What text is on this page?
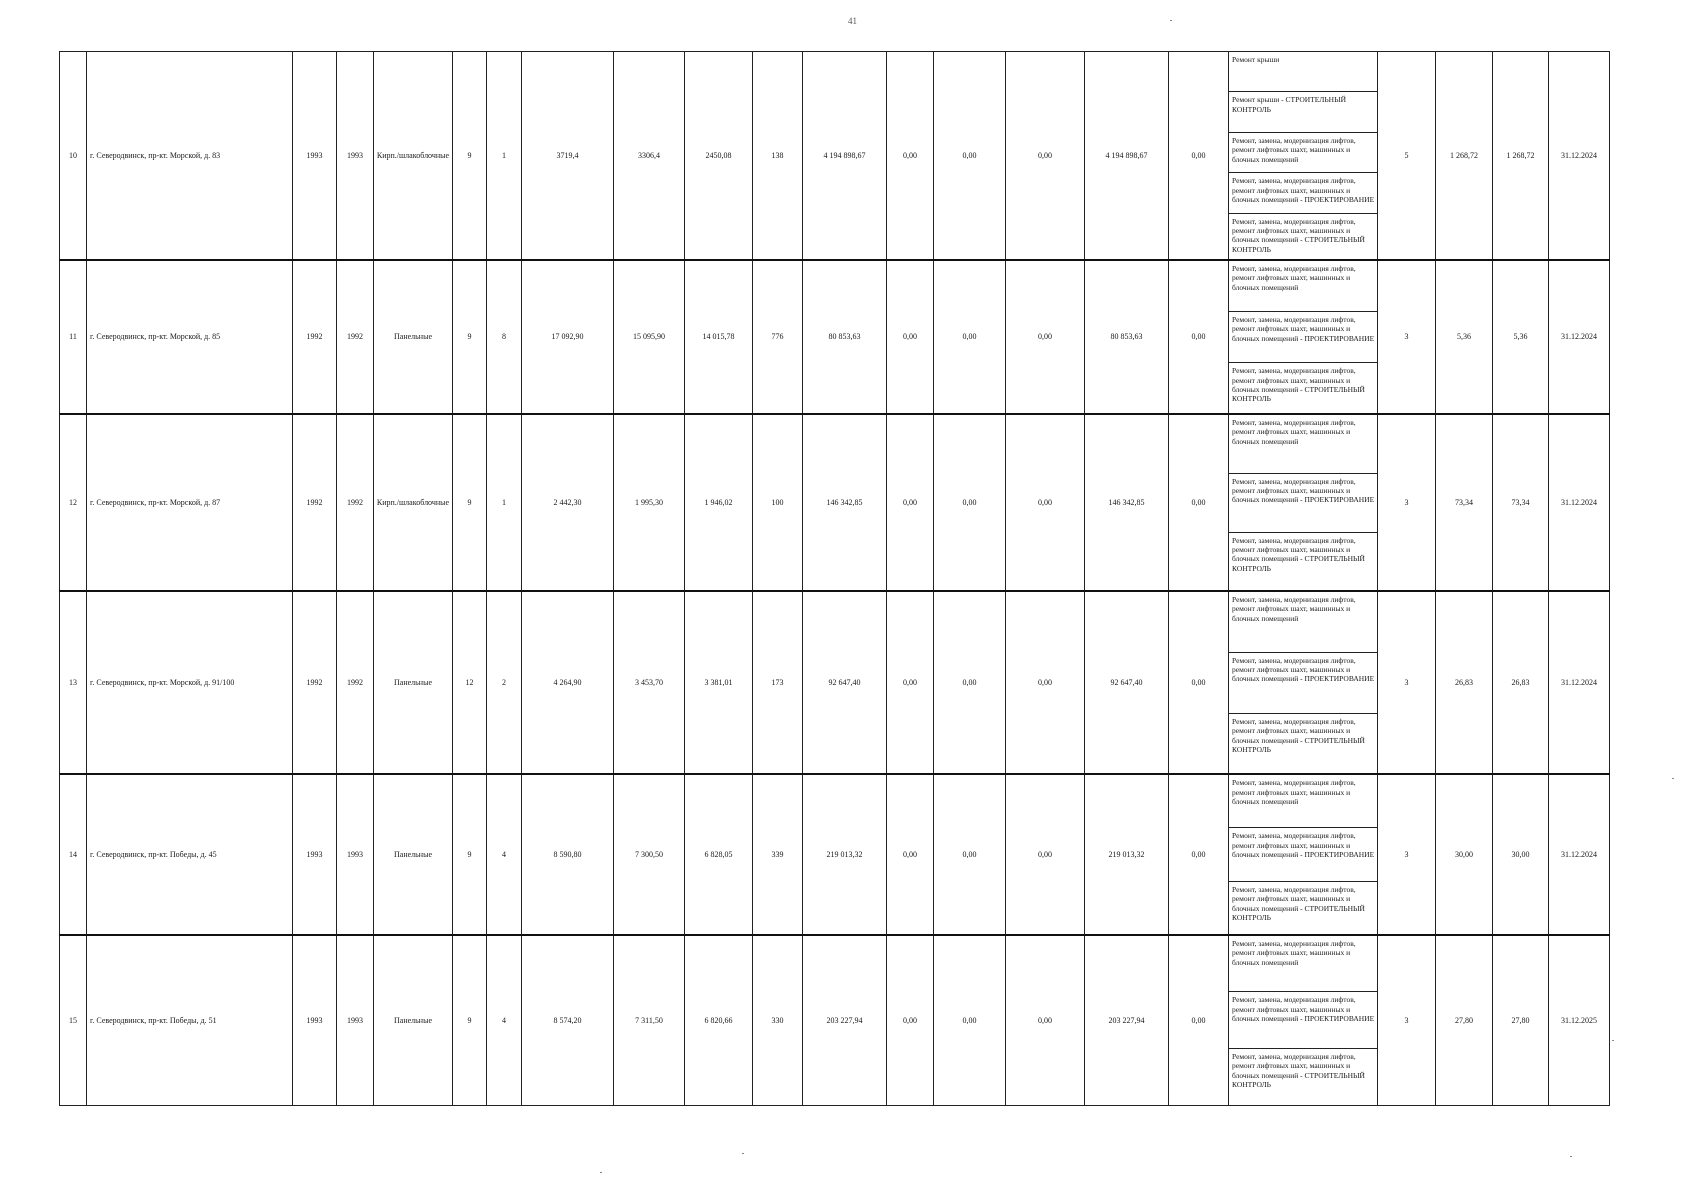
41
10	г. Северодвинск, пр-кт. Морской, д. 83	1993	1993	Кирп./шлакоблочные	9	1	3719,4	3306,4	2450,08	138	4 194 898,67	0,00	0,00	0,00	4 194 898,67	0,00	Ремонт крыши	5	1 268,72	1 268,72	31.12.2024
																	Ремонт крыши - СТРОИТЕЛЬНЫЙ КОНТРОЛЬ				
																	Ремонт, замена, модернизация лифтов, ремонт лифтовых шахт, машинных и блочных помещений				
																	Ремонт, замена, модернизация лифтов, ремонт лифтовых шахт, машинных и блочных помещений - ПРОЕКТИРОВАНИЕ				
																	Ремонт, замена, модернизация лифтов, ремонт лифтовых шахт, машинных и блочных помещений - СТРОИТЕЛЬНЫЙ КОНТРОЛЬ				
11	г. Северодвинск, пр-кт. Морской, д. 85	1992	1992	Панельные	9	8	17 092,90	15 095,90	14 015,78	776	80 853,63	0,00	0,00	0,00	80 853,63	0,00	Ремонт, замена, модернизация лифтов, ремонт лифтовых шахт, машинных и блочных помещений	3	5,36	5,36	31.12.2024
																	Ремонт, замена, модернизация лифтов, ремонт лифтовых шахт, машинных и блочных помещений - ПРОЕКТИРОВАНИЕ				
																	Ремонт, замена, модернизация лифтов, ремонт лифтовых шахт, машинных и блочных помещений - СТРОИТЕЛЬНЫЙ КОНТРОЛЬ				
12	г. Северодвинск, пр-кт. Морской, д. 87	1992	1992	Кирп./шлакоблочные	9	1	2 442,30	1 995,30	1 946,02	100	146 342,85	0,00	0,00	0,00	146 342,85	0,00	Ремонт, замена, модернизация лифтов, ремонт лифтовых шахт, машинных и блочных помещений	3	73,34	73,34	31.12.2024
																	Ремонт, замена, модернизация лифтов, ремонт лифтовых шахт, машинных и блочных помещений - ПРОЕКТИРОВАНИЕ				
																	Ремонт, замена, модернизация лифтов, ремонт лифтовых шахт, машинных и блочных помещений - СТРОИТЕЛЬНЫЙ КОНТРОЛЬ				
13	г. Северодвинск, пр-кт. Морской, д. 91/100	1992	1992	Панельные	12	2	4 264,90	3 453,70	3 381,01	173	92 647,40	0,00	0,00	0,00	92 647,40	0,00	Ремонт, замена, модернизация лифтов, ремонт лифтовых шахт, машинных и блочных помещений	3	26,83	26,83	31.12.2024
																	Ремонт, замена, модернизация лифтов, ремонт лифтовых шахт, машинных и блочных помещений - ПРОЕКТИРОВАНИЕ				
																	Ремонт, замена, модернизация лифтов, ремонт лифтовых шахт, машинных и блочных помещений - СТРОИТЕЛЬНЫЙ КОНТРОЛЬ				
14	г. Северодвинск, пр-кт. Победы, д. 45	1993	1993	Панельные	9	4	8 590,80	7 300,50	6 828,05	339	219 013,32	0,00	0,00	0,00	219 013,32	0,00	Ремонт, замена, модернизация лифтов, ремонт лифтовых шахт, машинных и блочных помещений	3	30,00	30,00	31.12.2024
																	Ремонт, замена, модернизация лифтов, ремонт лифтовых шахт, машинных и блочных помещений - ПРОЕКТИРОВАНИЕ				
																	Ремонт, замена, модернизация лифтов, ремонт лифтовых шахт, машинных и блочных помещений - СТРОИТЕЛЬНЫЙ КОНТРОЛЬ				
15	г. Северодвинск, пр-кт. Победы, д. 51	1993	1993	Панельные	9	4	8 574,20	7 311,50	6 820,66	330	203 227,94	0,00	0,00	0,00	203 227,94	0,00	Ремонт, замена, модернизация лифтов, ремонт лифтовых шахт, машинных и блочных помещений	3	27,80	27,80	31.12.2025
																	Ремонт, замена, модернизация лифтов, ремонт лифтовых шахт, машинных и блочных помещений - ПРОЕКТИРОВАНИЕ				
																	Ремонт, замена, модернизация лифтов, ремонт лифтовых шахт, машинных и блочных помещений - СТРОИТЕЛЬНЫЙ КОНТРОЛЬ				
